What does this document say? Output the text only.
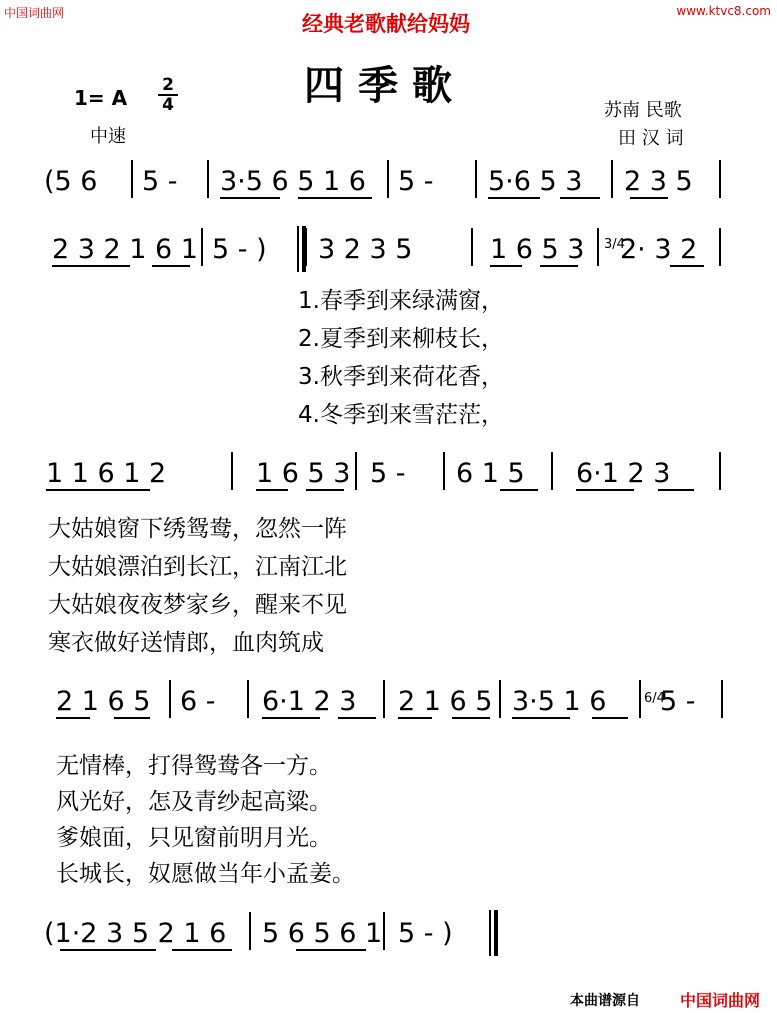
中国词曲网	www.ktvc8.com
经典老歌献给妈妈
四季歌
1= A
2
4
中速
苏南 民歌
田 汉 词
(5 6 5 - 3·5 6 5 1 6 5 - 5·6 5 3 2 3 5
2 3 2 1 6 1 5 - ) 3 2 3 5	1 6 5 3 2· 3 2
1 1 6 1 2	1 6 5 3 5 - 6 1 5 6·1 2 3
2 1 6 5 6 - 6·1 2 3 2 1 6 5 3·5 1 6 5 -
(1·2 3 5 2 1 6 5 6 5 6 1 5 - )
3/4
6/4
1.春季到来绿满窗，
2.夏季到来柳枝长，
3.秋季到来荷花香，
4.冬季到来雪茫茫，
大姑娘窗下绣鸳鸯，忽然一阵
大姑娘漂泊到长江，江南江北
大姑娘夜夜梦家乡，醒来不见
寒衣做好送情郎，血肉筑成
无情棒，打得鸳鸯各一方。
风光好，怎及青纱起高粱。
爹娘面，只见窗前明月光。
长城长，奴愿做当年小孟姜。
本曲谱源自	中国词曲网
